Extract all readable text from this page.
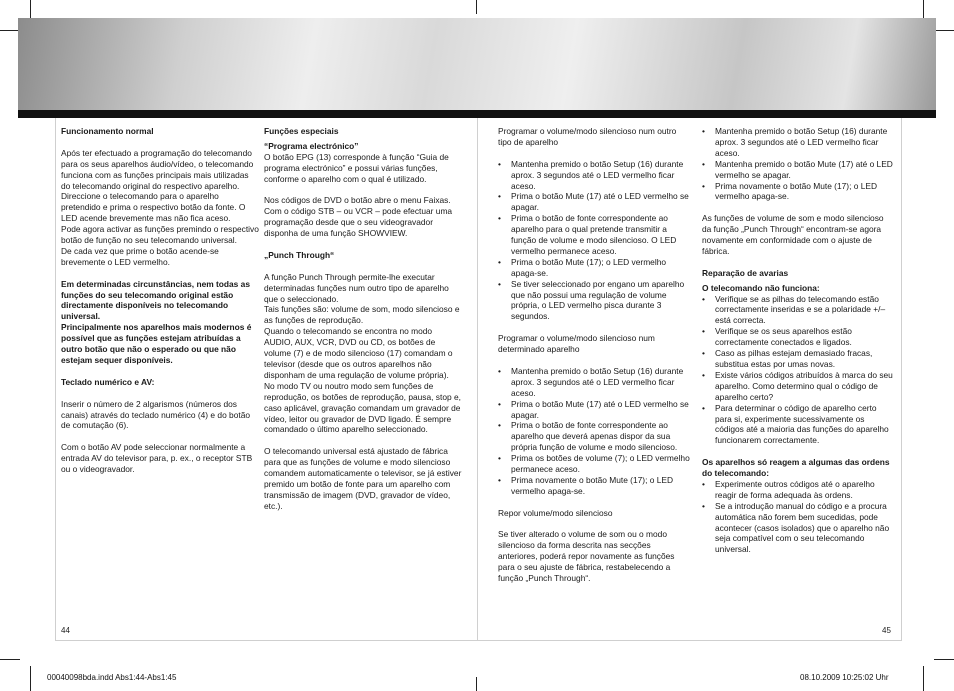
Funcionamento normal

Após ter efectuado a programação do telecomando para os seus aparelhos áudio/vídeo, o telecomando funciona com as funções principais mais utilizadas do telecomando original do respectivo aparelho. Direccione o telecomando para o aparelho pretendido e prima o respectivo botão da fonte. O LED acende brevemente mas não fica aceso.

Pode agora activar as funções premindo o respectivo botão de função no seu telecomando universal.

De cada vez que prime o botão acende-se brevemente o LED vermelho.

Em determinadas circunstâncias, nem todas as funções do seu telecomando original estão directamente disponíveis no telecomando universal.

Principalmente nos aparelhos mais modernos é possível que as funções estejam atribuídas a outro botão que não o esperado ou que não estejam sequer disponíveis.

Teclado numérico e AV:

Inserir o número de 2 algarismos (números dos canais) através do teclado numérico (4) e do botão de comutação (6).

Com o botão AV pode seleccionar normalmente a entrada AV do televisor para, p. ex., o receptor STB ou o videogravador.

Funções especiais

“Programa electrónico”

O botão EPG (13) corresponde à função “Guia de programa electrónico” e possui várias funções, conforme o aparelho com o qual é utilizado.

Nos códigos de DVD o botão abre o menu Faixas. Com o código STB – ou VCR – pode efectuar uma programação desde que o seu videogravador disponha de uma função SHOWVIEW.

„Punch Through“

A função Punch Through permite-lhe executar determinadas funções num outro tipo de aparelho que o seleccionado.

Tais funções são: volume de som, modo silencioso e as funções de reprodução.

Quando o telecomando se encontra no modo AUDIO, AUX, VCR, DVD ou CD, os botões de volume (7) e de modo silencioso (17) comandam o televisor (desde que os outros aparelhos não disponham de uma regulação de volume própria).

No modo TV ou noutro modo sem funções de reprodução, os botões de reprodução, pausa, stop e, caso aplicável, gravação comandam um gravador de vídeo, leitor ou gravador de DVD ligado. É sempre comandado o último aparelho seleccionado.

O telecomando universal está ajustado de fábrica para que as funções de volume e modo silencioso comandem automaticamente o televisor, se já estiver premido um botão de fonte para um aparelho com transmissão de imagem (DVD, gravador de vídeo, etc.).

Programar o volume/modo silencioso num outro tipo de aparelho

• Mantenha premido o botão Setup (16) durante aprox. 3 segundos até o LED vermelho ficar aceso.
• Prima o botão Mute (17) até o LED vermelho se apagar.
• Prima o botão de fonte correspondente ao aparelho para o qual pretende transmitir a função de volume e modo silencioso. O LED vermelho permanece aceso.
• Prima o botão Mute (17); o LED vermelho apaga-se.
• Se tiver seleccionado por engano um aparelho que não possui uma regulação de volume própria, o LED vermelho pisca durante 3 segundos.

Programar o volume/modo silencioso num determinado aparelho

• Mantenha premido o botão Setup (16) durante aprox. 3 segundos até o LED vermelho ficar aceso.
• Prima o botão Mute (17) até o LED vermelho se apagar.
• Prima o botão de fonte correspondente ao aparelho que deverá apenas dispor da sua própria função de volume e modo silencioso.
• Prima os botões de volume (7); o LED vermelho permanece aceso.
• Prima novamente o botão Mute (17); o LED vermelho apaga-se.

Repor volume/modo silencioso

Se tiver alterado o volume de som ou o modo silencioso da forma descrita nas secções anteriores, poderá repor novamente as funções para o seu ajuste de fábrica, restabelecendo a função „Punch Through“.

• Mantenha premido o botão Setup (16) durante aprox. 3 segundos até o LED vermelho ficar aceso.
• Mantenha premido o botão Mute (17) até o LED vermelho se apagar.
• Prima novamente o botão Mute (17); o LED vermelho apaga-se.

As funções de volume de som e modo silencioso da função „Punch Through“ encontram-se agora novamente em conformidade com o ajuste de fábrica.

Reparação de avarias

O telecomando não funciona:

• Verifique se as pilhas do telecomando estão correctamente inseridas e se a polaridade +/– está correcta.
• Verifique se os seus aparelhos estão correctamente conectados e ligados.
• Caso as pilhas estejam demasiado fracas, substitua estas por umas novas.
• Existe vários códigos atribuídos à marca do seu aparelho. Como determino qual o código de aparelho certo?
• Para determinar o código de aparelho certo para si, experimente sucessivamente os códigos até a maioria das funções do aparelho funcionarem correctamente.

Os aparelhos só reagem a algumas das ordens do telecomando:

• Experimente outros códigos até o aparelho reagir de forma adequada às ordens.
• Se a introdução manual do código e a procura automática não forem bem sucedidas, pode acontecer (casos isolados) que o aparelho não seja compatível com o seu telecomando universal.
44	45
00040098bda.indd Abs1:44-Abs1:45	08.10.2009 10:25:02 Uhr
